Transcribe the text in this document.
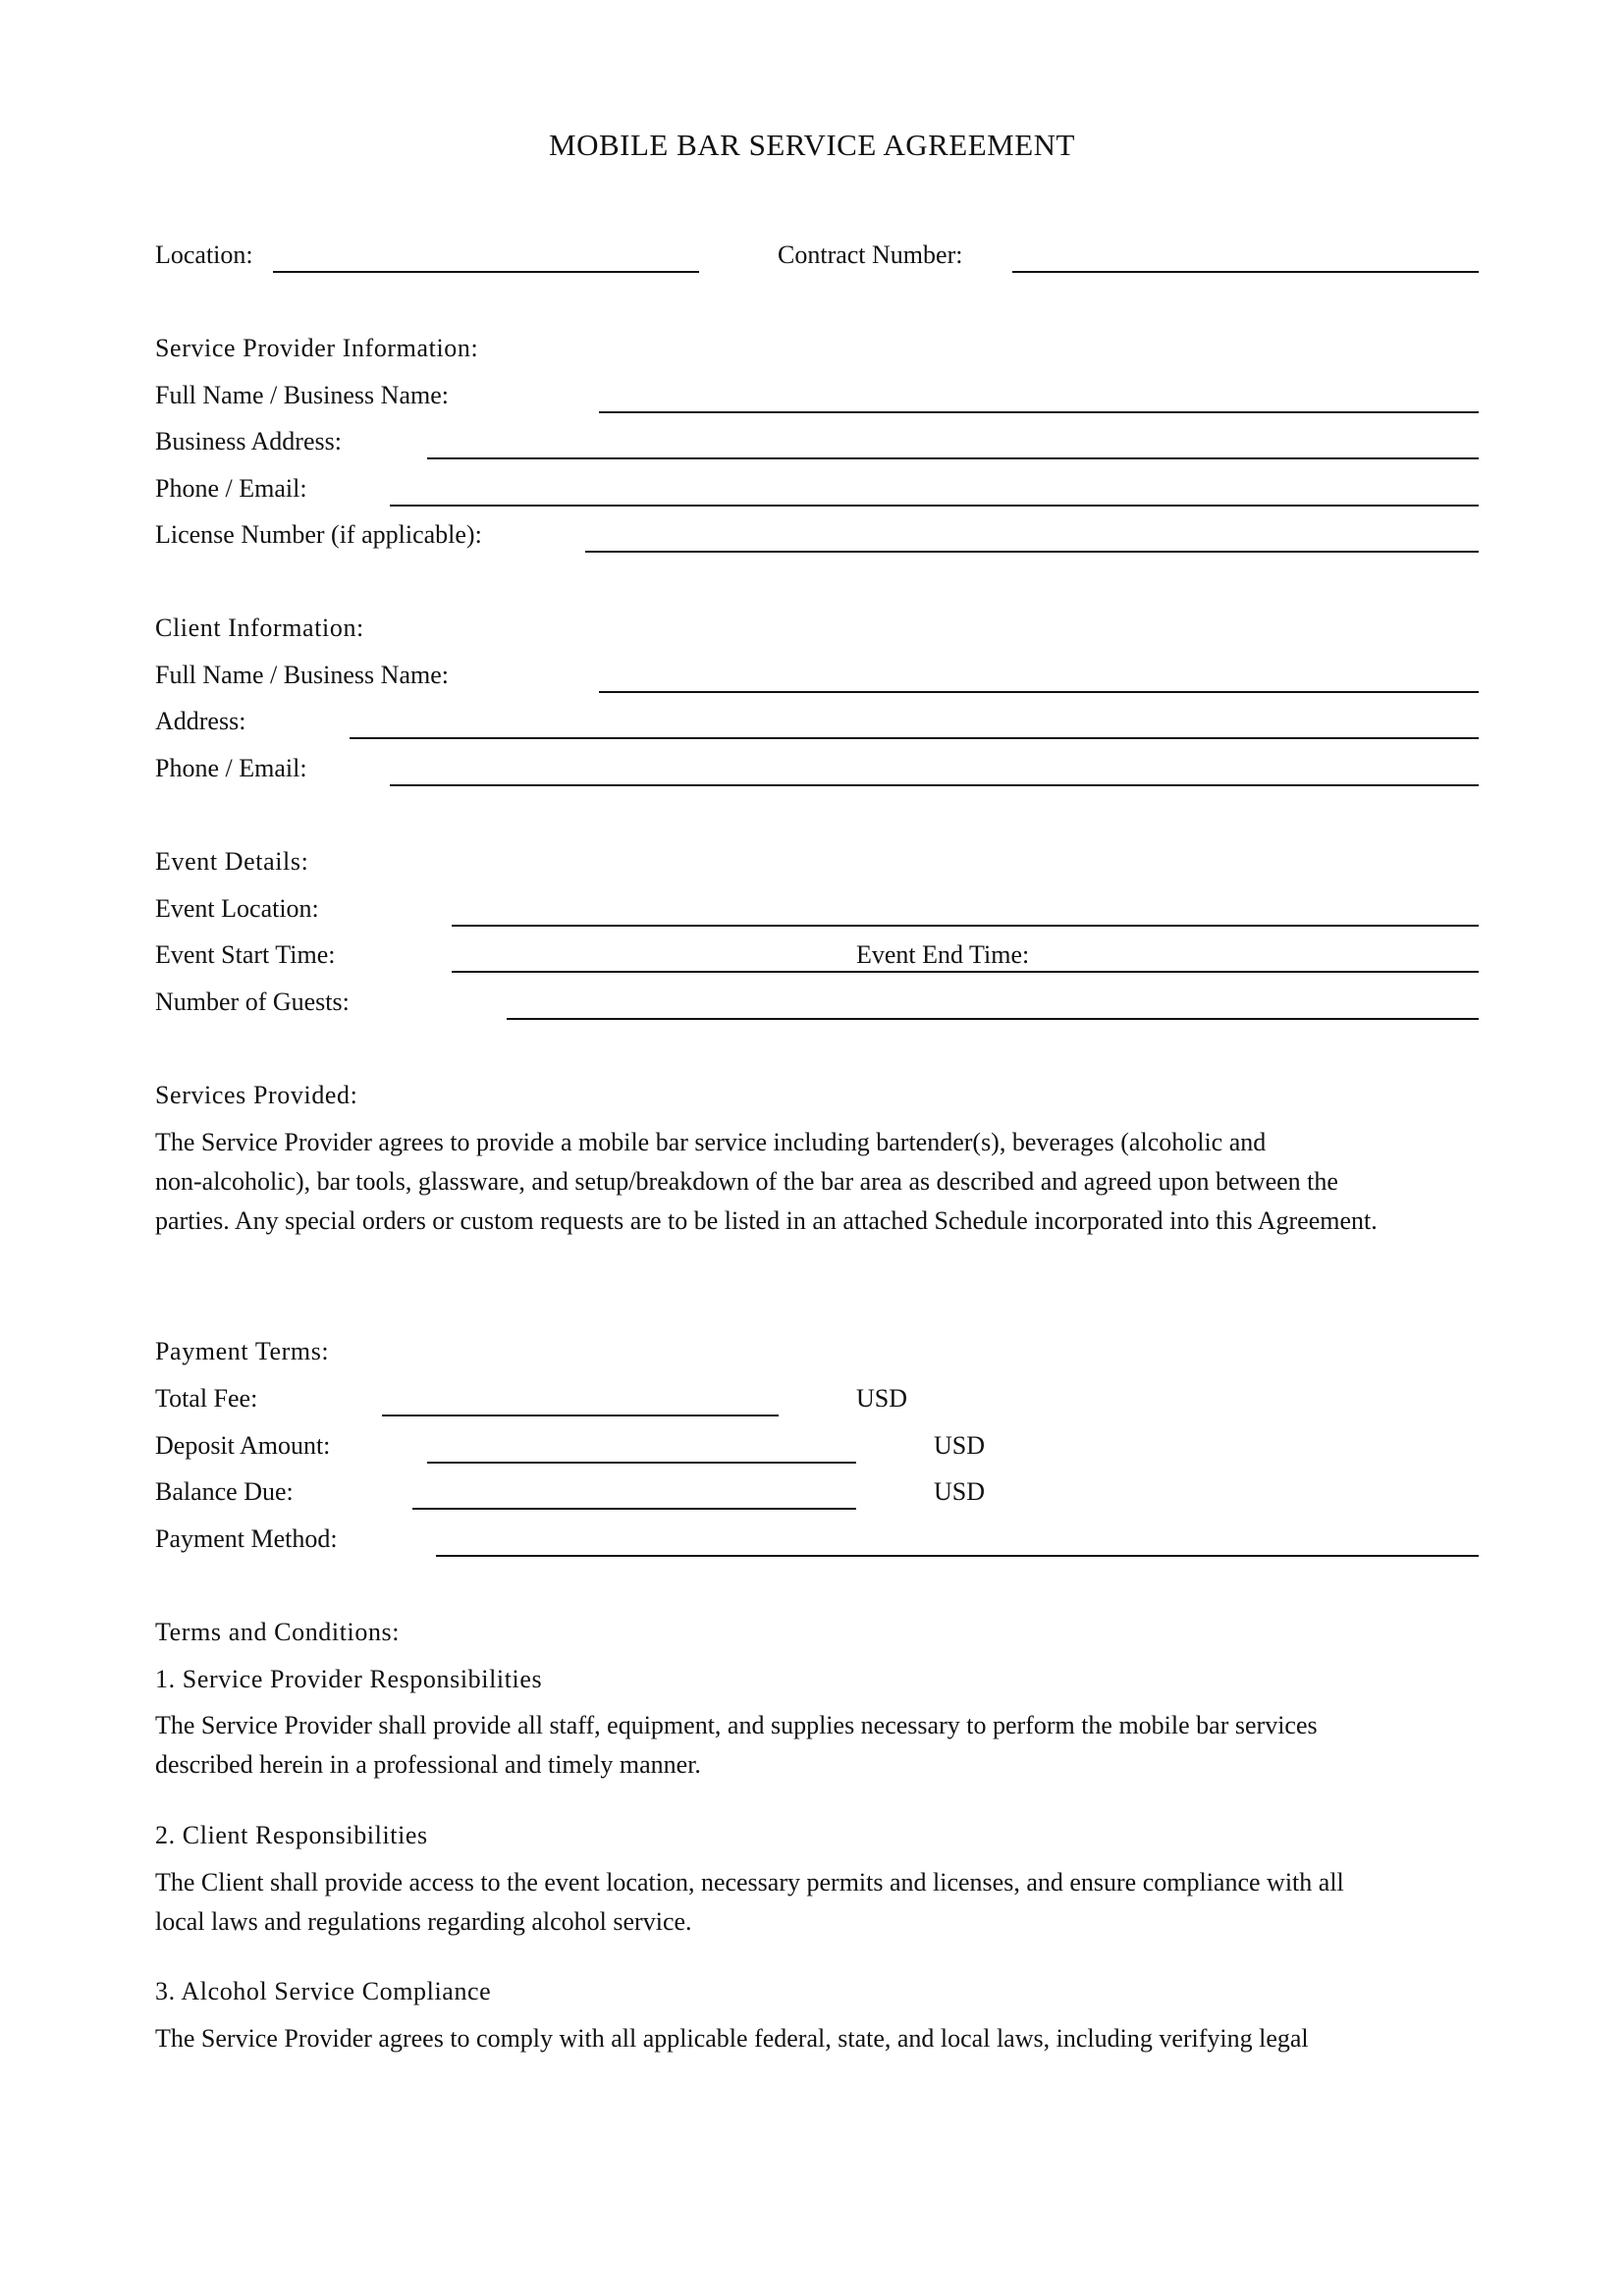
MOBILE BAR SERVICE AGREEMENT
Location:	Contract Number:
Service Provider Information:
Full Name / Business Name:
Business Address:
Phone / Email:
License Number (if applicable):
Client Information:
Full Name / Business Name:
Address:
Phone / Email:
Event Details:
Event Location:
Event Start Time:	Event End Time:
Number of Guests:
Services Provided:
The Service Provider agrees to provide a mobile bar service including bartender(s), beverages (alcoholic and
non-alcoholic), bar tools, glassware, and setup/breakdown of the bar area as described and agreed upon between the
parties. Any special orders or custom requests are to be listed in an attached Schedule incorporated into this Agreement.
Payment Terms:
Total Fee:	USD
Deposit Amount:	USD
Balance Due:	USD
Payment Method:
Terms and Conditions:
1. Service Provider Responsibilities
The Service Provider shall provide all staff, equipment, and supplies necessary to perform the mobile bar services
described herein in a professional and timely manner.
2. Client Responsibilities
The Client shall provide access to the event location, necessary permits and licenses, and ensure compliance with all
local laws and regulations regarding alcohol service.
3. Alcohol Service Compliance
The Service Provider agrees to comply with all applicable federal, state, and local laws, including verifying legal
